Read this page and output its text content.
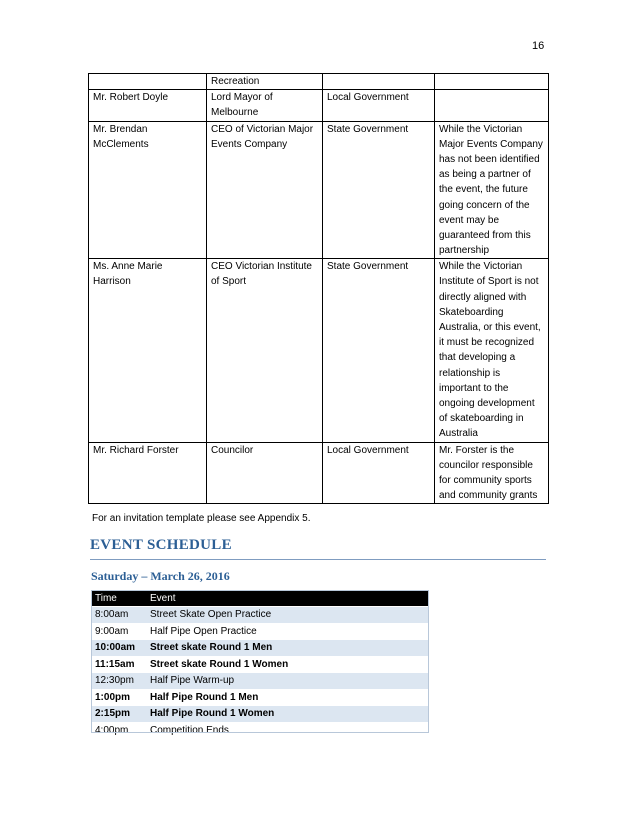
16
	Recreation		
Mr. Robert Doyle	Lord Mayor of Melbourne	Local Government	
Mr. Brendan McClements	CEO of Victorian Major Events Company	State Government	While the Victorian Major Events Company has not been identified as being a partner of the event, the future going concern of the event may be guaranteed from this partnership
Ms. Anne Marie Harrison	CEO Victorian Institute of Sport	State Government	While the Victorian Institute of Sport is not directly aligned with Skateboarding Australia, or this event, it must be recognized that developing a relationship is important to the ongoing development of skateboarding in Australia
Mr. Richard Forster	Councilor	Local Government	Mr. Forster is the councilor responsible for community sports and community grants
For an invitation template please see Appendix 5.
EVENT SCHEDULE
Saturday – March 26, 2016
Time	Event
8:00am	Street Skate Open Practice
9:00am	Half Pipe Open Practice
10:00am	Street skate Round 1 Men
11:15am	Street skate Round 1 Women
12:30pm	Half Pipe Warm-up
1:00pm	Half Pipe Round 1 Men
2:15pm	Half Pipe Round 1 Women
4:00pm	Competition Ends
